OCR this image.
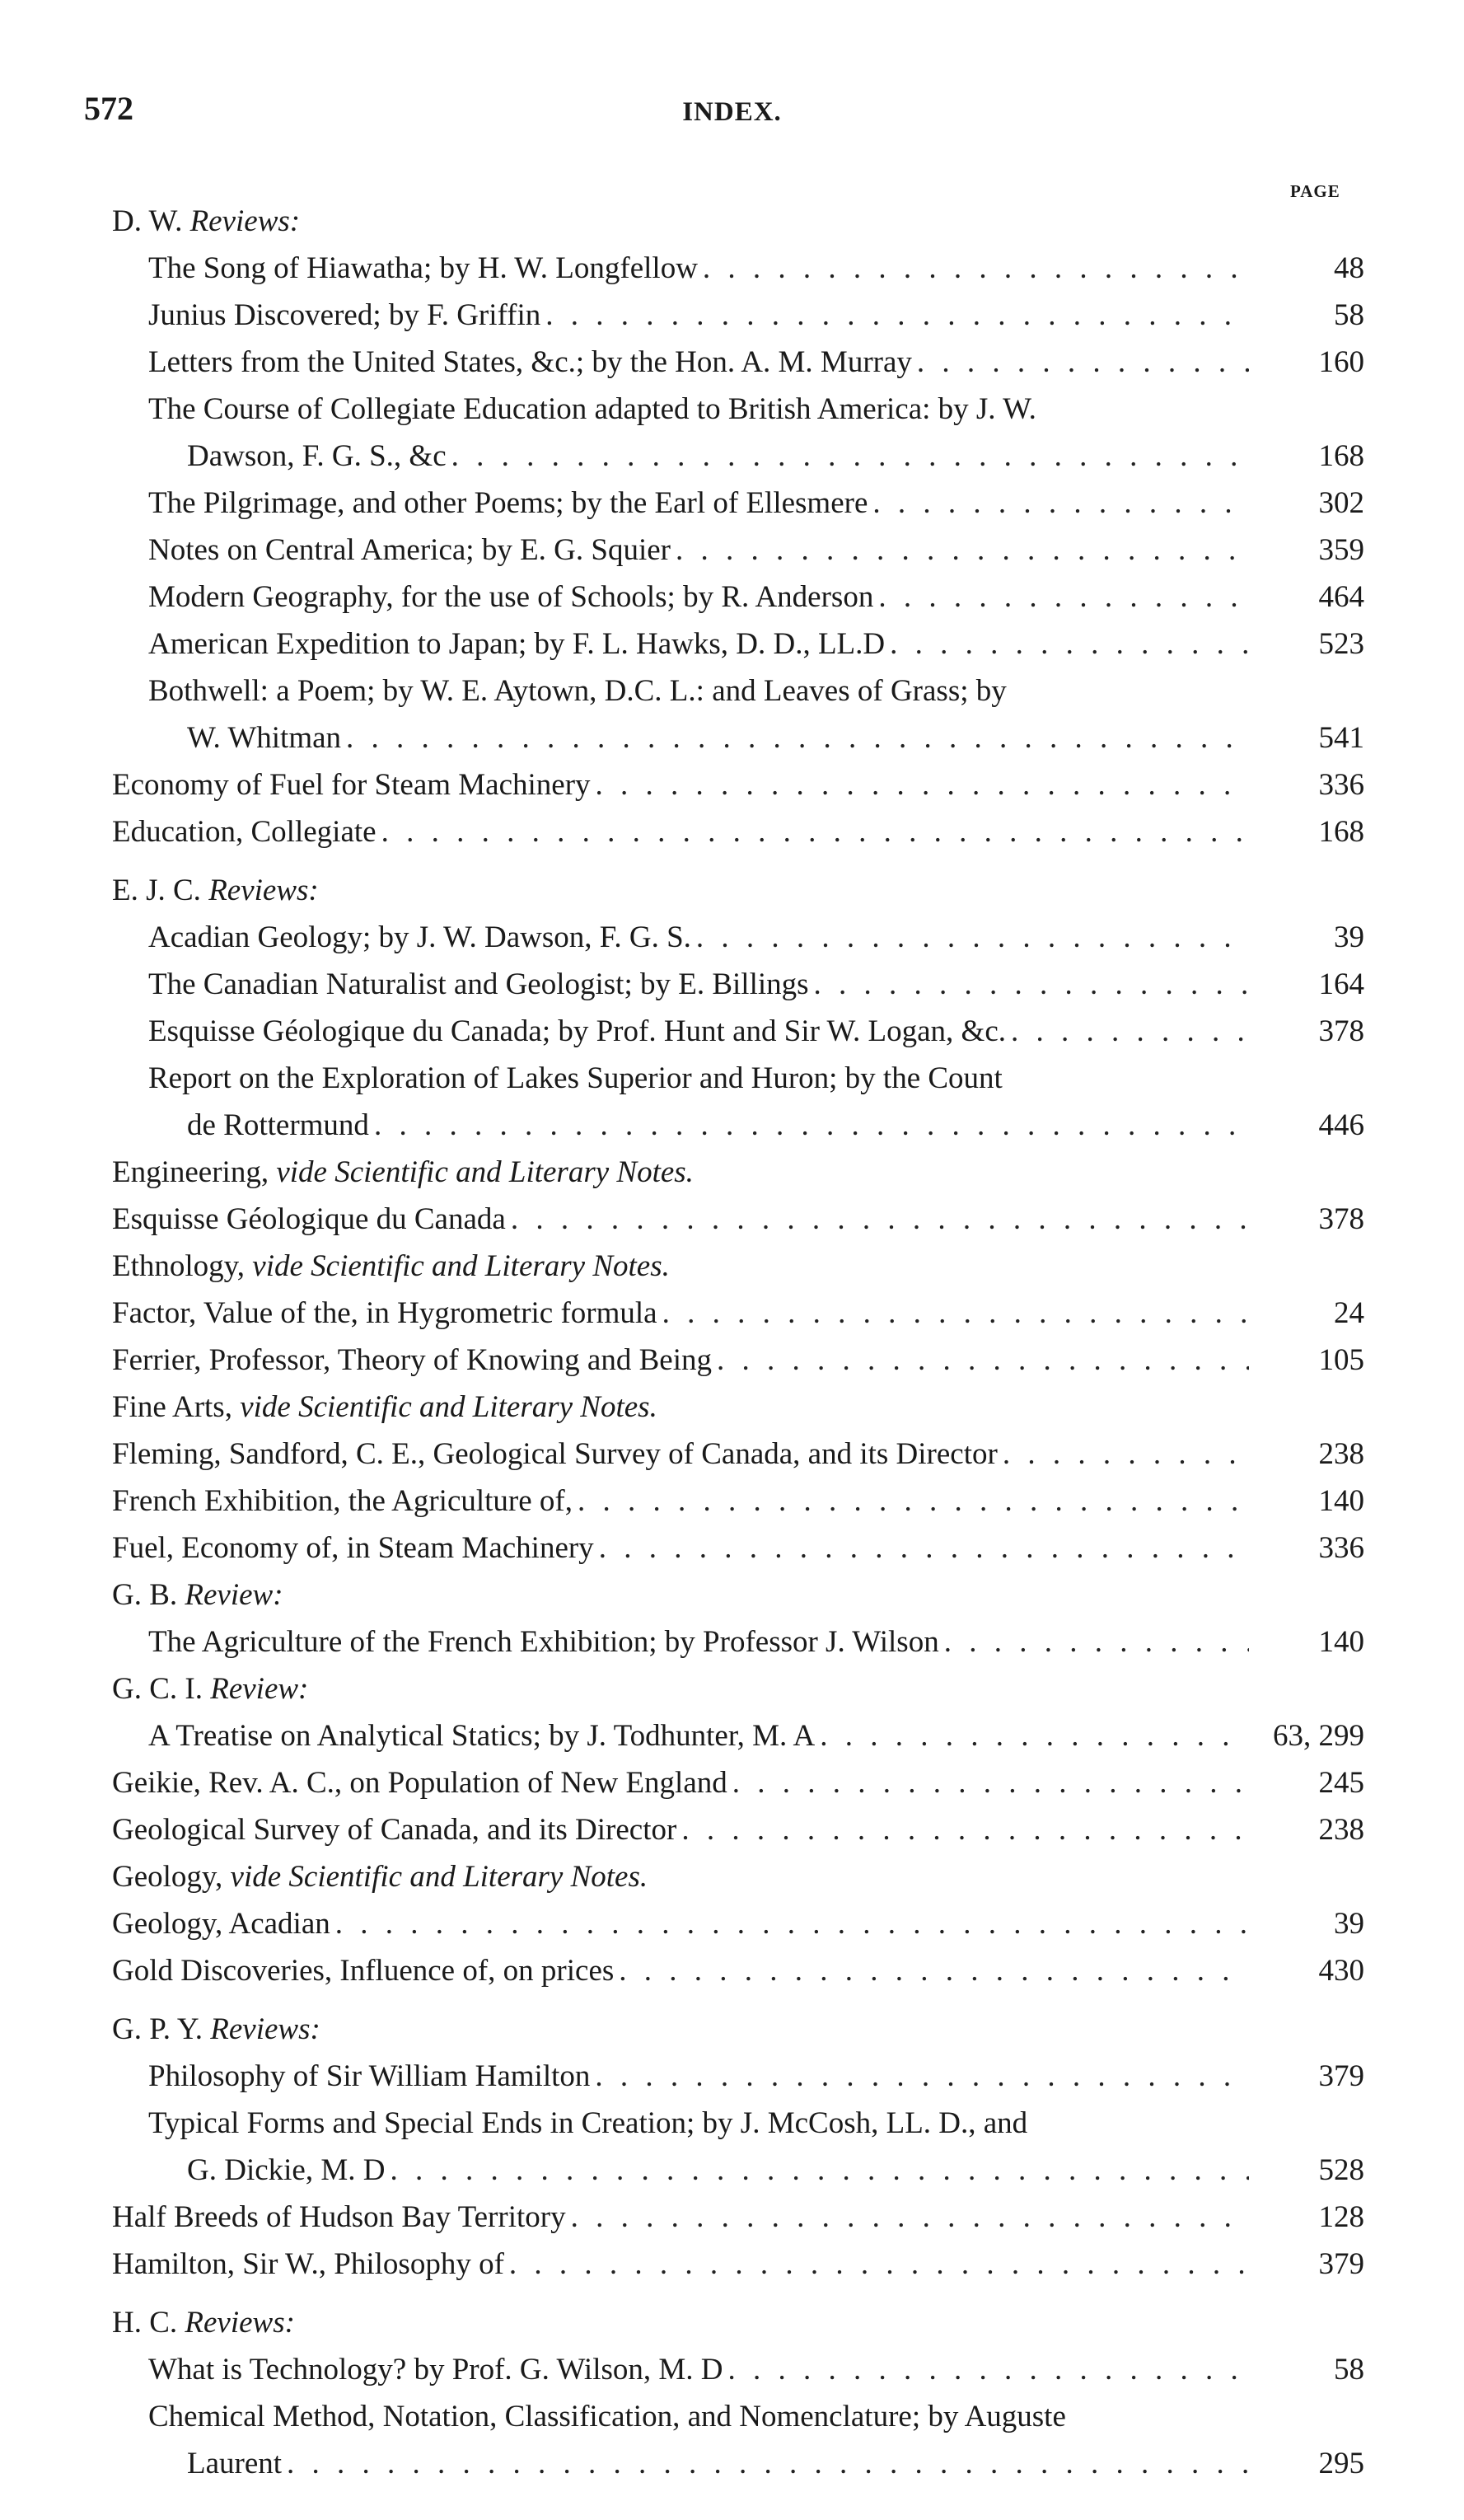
572	INDEX.
PAGE
D. W. Reviews:
The Song of Hiawatha; by H. W. Longfellow . . .	48
Junius Discovered; by F. Griffin . . .	58
Letters from the United States, &c.; by the Hon. A. M. Murray . . .	160
The Course of Collegiate Education adapted to British America: by J. W.
Dawson, F. G. S., &c . . .	168
The Pilgrimage, and other Poems; by the Earl of Ellesmere . . .	302
Notes on Central America; by E. G. Squier . . .	359
Modern Geography, for the use of Schools; by R. Anderson . . .	464
American Expedition to Japan; by F. L. Hawks, D. D., LL.D . . .	523
Bothwell: a Poem; by W. E. Aytown, D.C. L.: and Leaves of Grass; by
W. Whitman . . .	541
Economy of Fuel for Steam Machinery . . .	336
Education, Collegiate . . .	168
E. J. C. Reviews:
Acadian Geology; by J. W. Dawson, F. G. S. . . .	39
The Canadian Naturalist and Geologist; by E. Billings . . .	164
Esquisse Géologique du Canada; by Prof. Hunt and Sir W. Logan, &c. . . .	378
Report on the Exploration of Lakes Superior and Huron; by the Count
de Rottermund . . .	446
Engineering, vide Scientific and Literary Notes.
Esquisse Géologique du Canada . . .	378
Ethnology, vide Scientific and Literary Notes.
Factor, Value of the, in Hygrometric formula . . .	24
Ferrier, Professor, Theory of Knowing and Being . . .	105
Fine Arts, vide Scientific and Literary Notes.
Fleming, Sandford, C. E., Geological Survey of Canada, and its Director . . .	238
French Exhibition, the Agriculture of, . . .	140
Fuel, Economy of, in Steam Machinery . . .	336
G. B. Review:
The Agriculture of the French Exhibition; by Professor J. Wilson . . .	140
G. C. I. Review:
A Treatise on Analytical Statics; by J. Todhunter, M. A . . .	63, 299
Geikie, Rev. A. C., on Population of New England . . .	245
Geological Survey of Canada, and its Director . . .	238
Geology, vide Scientific and Literary Notes.
Geology, Acadian . . .	39
Gold Discoveries, Influence of, on prices . . .	430
G. P. Y. Reviews:
Philosophy of Sir William Hamilton . . .	379
Typical Forms and Special Ends in Creation; by J. McCosh, LL. D., and
G. Dickie, M. D . . .	528
Half Breeds of Hudson Bay Territory . . .	128
Hamilton, Sir W., Philosophy of . . .	379
H. C. Reviews:
What is Technology? by Prof. G. Wilson, M. D . . .	58
Chemical Method, Notation, Classification, and Nomenclature; by Auguste
Laurent . . .	295
